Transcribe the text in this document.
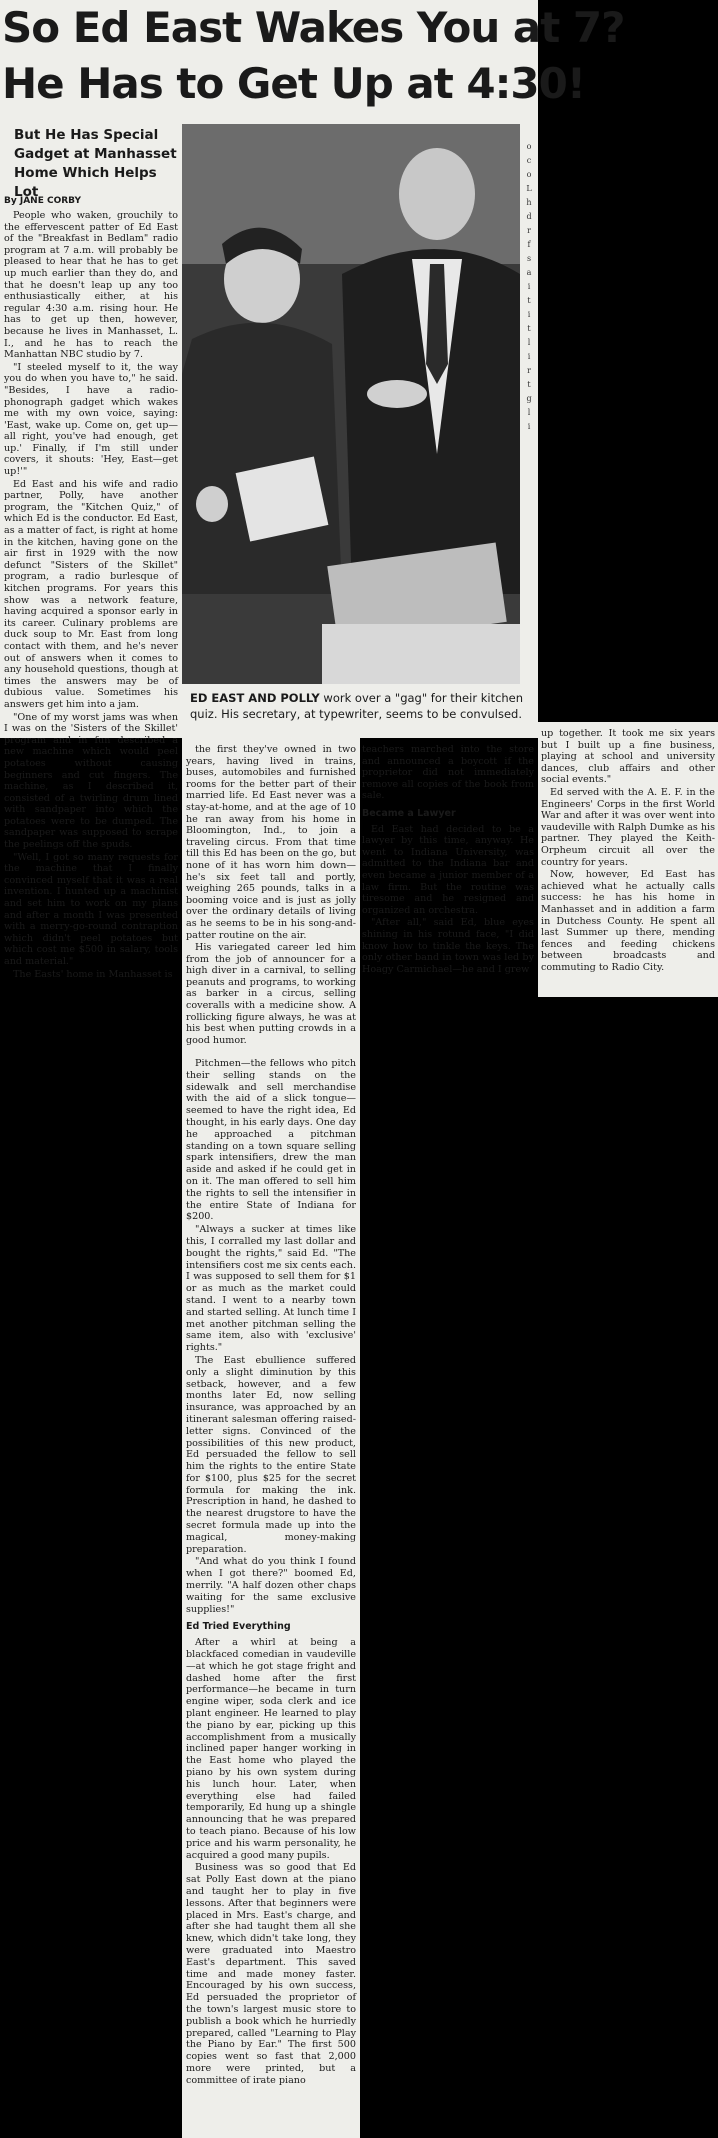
So Ed East Wakes You at 7?
He Has to Get Up at 4:30!
But He Has Special Gadget at Manhasset Home Which Helps Lot
By JANE CORBY
o
c
o
L
h
d
r
f
s
a
i
t
i
t
l
i
r
t
g
l
i
ED EAST AND POLLY work over a "gag" for their kitchen quiz. His secretary, at typewriter, seems to be convulsed.

People who waken, grouchily to the effervescent patter of Ed East of the "Breakfast in Bedlam" radio program at 7 a.m. will probably be pleased to hear that he has to get up much earlier than they do, and that he doesn't leap up any too enthusiastically either, at his regular 4:30 a.m. rising hour. He has to get up then, however, because he lives in Manhasset, L. I., and he has to reach the Manhattan NBC studio by 7.

"I steeled myself to it, the way you do when you have to," he said. "Besides, I have a radio-phonograph gadget which wakes me with my own voice, saying: 'East, wake up. Come on, get up—all right, you've had enough, get up.' Finally, if I'm still under covers, it shouts: 'Hey, East—get up!'"

Ed East and his wife and radio partner, Polly, have another program, the "Kitchen Quiz," of which Ed is the conductor. Ed East, as a matter of fact, is right at home in the kitchen, having gone on the air first in 1929 with the now defunct "Sisters of the Skillet" program, a radio burlesque of kitchen programs. For years this show was a network feature, having acquired a sponsor early in its career. Culinary problems are duck soup to Mr. East from long contact with them, and he's never out of answers when it comes to any household questions, though at times the answers may be of dubious value. Sometimes his answers get him into a jam.

"One of my worst jams was when I was on the 'Sisters of the Skillet' program and in fun described a new machine which would peel potatoes without causing beginners and cut fingers. The machine, as I described it, consisted of a twirling drum lined with sandpaper into which the potatoes were to be dumped. The sandpaper was supposed to scrape the peelings off the spuds.

"Well, I got so many requests for the machine that I finally convinced myself that it was a real invention. I hunted up a machinist and set him to work on my plans and after a month I was presented with a merry-go-round contraption which didn't peel potatoes but which cost me $500 in salary, tools and material."

The Easts' home in Manhasset is

the first they've owned in two years, having lived in trains, buses, automobiles and furnished rooms for the better part of their married life. Ed East never was a stay-at-home, and at the age of 10 he ran away from his home in Bloomington, Ind., to join a traveling circus. From that time till this Ed has been on the go, but none of it has worn him down—he's six feet tall and portly, weighing 265 pounds, talks in a booming voice and is just as jolly over the ordinary details of living as he seems to be in his song-and-patter routine on the air.

His variegated career led him from the job of announcer for a high diver in a carnival, to selling peanuts and programs, to working as barker in a circus, selling coveralls with a medicine show. A rollicking figure always, he was at his best when putting crowds in a good humor.

Pitchmen—the fellows who pitch their selling stands on the sidewalk and sell merchandise with the aid of a slick tongue—seemed to have the right idea, Ed thought, in his early days. One day he approached a pitchman standing on a town square selling spark intensifiers, drew the man aside and asked if he could get in on it. The man offered to sell him the rights to sell the intensifier in the entire State of Indiana for $200.

"Always a sucker at times like this, I corralled my last dollar and bought the rights," said Ed. "The intensifiers cost me six cents each. I was supposed to sell them for $1 or as much as the market could stand. I went to a nearby town and started selling. At lunch time I met another pitchman selling the same item, also with 'exclusive' rights."

The East ebullience suffered only a slight diminution by this setback, however, and a few months later Ed, now selling insurance, was approached by an itinerant salesman offering raised-letter signs. Convinced of the possibilities of this new product, Ed persuaded the fellow to sell him the rights to the entire State for $100, plus $25 for the secret formula for making the ink. Prescription in hand, he dashed to the nearest drugstore to have the secret formula made up into the magical, money-making preparation.

"And what do you think I found when I got there?" boomed Ed, merrily. "A half dozen other chaps waiting for the same exclusive supplies!"

Ed Tried Everything

After a whirl at being a blackfaced comedian in vaudeville—at which he got stage fright and dashed home after the first performance—he became in turn engine wiper, soda clerk and ice plant engineer. He learned to play the piano by ear, picking up this accomplishment from a musically inclined paper hanger working in the East home who played the piano by his own system during his lunch hour. Later, when everything else had failed temporarily, Ed hung up a shingle announcing that he was prepared to teach piano. Because of his low price and his warm personality, he acquired a good many pupils.

Business was so good that Ed sat Polly East down at the piano and taught her to play in five lessons. After that beginners were placed in Mrs. East's charge, and after she had taught them all she knew, which didn't take long, they were graduated into Maestro East's department. This saved time and made money faster. Encouraged by his own success, Ed persuaded the proprietor of the town's largest music store to publish a book which he hurriedly prepared, called "Learning to Play the Piano by Ear." The first 500 copies went so fast that 2,000 more were printed, but a committee of irate piano

teachers marched into the store and announced a boycott if the proprietor did not immediately remove all copies of the book from sale.

Became a Lawyer

Ed East had decided to be a lawyer by this time, anyway. He went to Indiana University, was admitted to the Indiana bar and even became a junior member of a law firm. But the routine was tiresome and he resigned and organized an orchestra.

"After all," said Ed, blue eyes shining in his rotund face, "I did know how to tinkle the keys. The only other band in town was led by Hoagy Carmichael—he and I grew

up together. It took me six years but I built up a fine business, playing at school and university dances, club affairs and other social events."

Ed served with the A. E. F. in the Engineers' Corps in the first World War and after it was over went into vaudeville with Ralph Dumke as his partner. They played the Keith-Orpheum circuit all over the country for years.

Now, however, Ed East has achieved what he actually calls success: he has his home in Manhasset and in addition a farm in Dutchess County. He spent all last Summer up there, mending fences and feeding chickens between broadcasts and commuting to Radio City.
